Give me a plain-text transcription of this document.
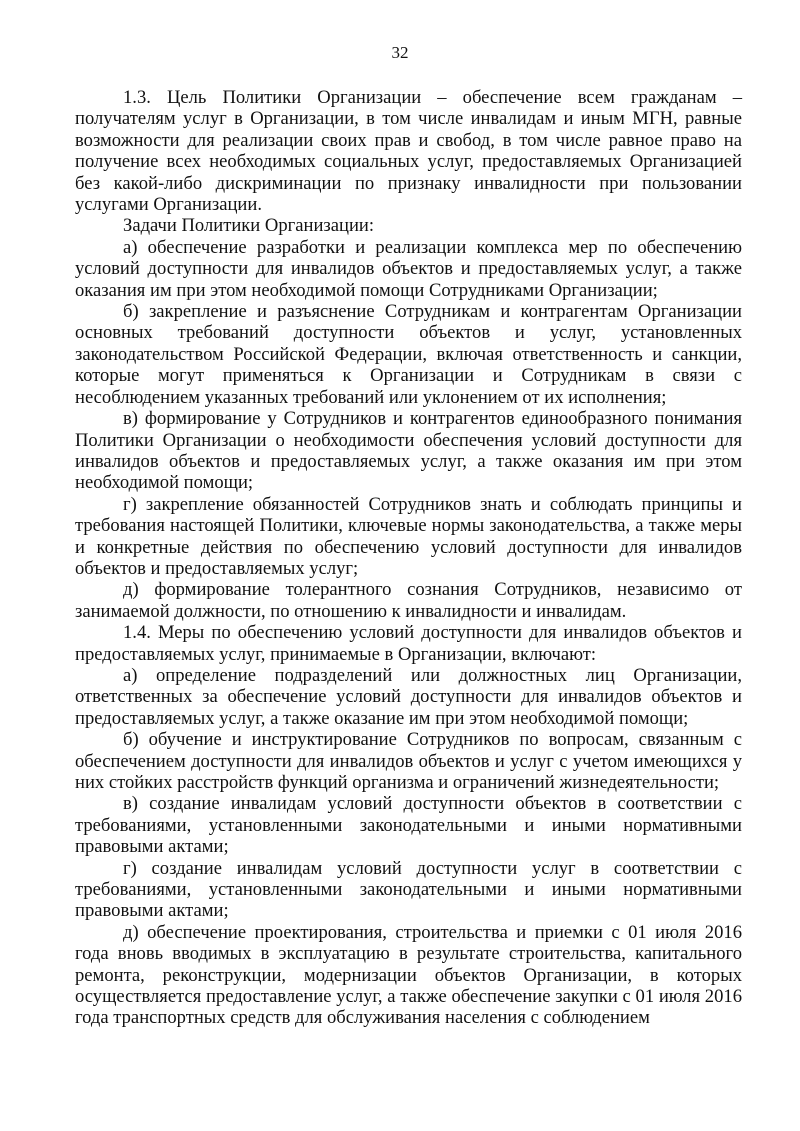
32

1.3. Цель Политики Организации – обеспечение всем гражданам – получателям услуг в Организации, в том числе инвалидам и иным МГН, равные возможности для реализации своих прав и свобод, в том числе равное право на получение всех необходимых социальных услуг, предоставляемых Организацией без какой-либо дискриминации по признаку инвалидности при пользовании услугами Организации.

Задачи Политики Организации:

а) обеспечение разработки и реализации комплекса мер по обеспечению условий доступности для инвалидов объектов и предоставляемых услуг, а также оказания им при этом необходимой помощи Сотрудниками Организации;

б) закрепление и разъяснение Сотрудникам и контрагентам Организации основных требований доступности объектов и услуг, установленных законодательством Российской Федерации, включая ответственность и санкции, которые могут применяться к Организации и Сотрудникам в связи с несоблюдением указанных требований или уклонением от их исполнения;

в) формирование у Сотрудников и контрагентов единообразного понимания Политики Организации о необходимости обеспечения условий доступности для инвалидов объектов и предоставляемых услуг, а также оказания им при этом необходимой помощи;

г) закрепление обязанностей Сотрудников знать и соблюдать принципы и требования настоящей Политики, ключевые нормы законодательства, а также меры и конкретные действия по обеспечению условий доступности для инвалидов объектов и предоставляемых услуг;

д) формирование толерантного сознания Сотрудников, независимо от занимаемой должности, по отношению к инвалидности и инвалидам.

1.4. Меры по обеспечению условий доступности для инвалидов объектов и предоставляемых услуг, принимаемые в Организации, включают:

а) определение подразделений или должностных лиц Организации, ответственных за обеспечение условий доступности для инвалидов объектов и предоставляемых услуг, а также оказание им при этом необходимой помощи;

б) обучение и инструктирование Сотрудников по вопросам, связанным с обеспечением доступности для инвалидов объектов и услуг с учетом имеющихся у них стойких расстройств функций организма и ограничений жизнедеятельности;

в) создание инвалидам условий доступности объектов в соответствии с требованиями, установленными законодательными и иными нормативными правовыми актами;

г) создание инвалидам условий доступности услуг в соответствии с требованиями, установленными законодательными и иными нормативными правовыми актами;

д) обеспечение проектирования, строительства и приемки с 01 июля 2016 года вновь вводимых в эксплуатацию в результате строительства, капитального ремонта, реконструкции, модернизации объектов Организации, в которых осуществляется предоставление услуг, а также обеспечение закупки с 01 июля 2016 года транспортных средств для обслуживания населения с соблюдением
